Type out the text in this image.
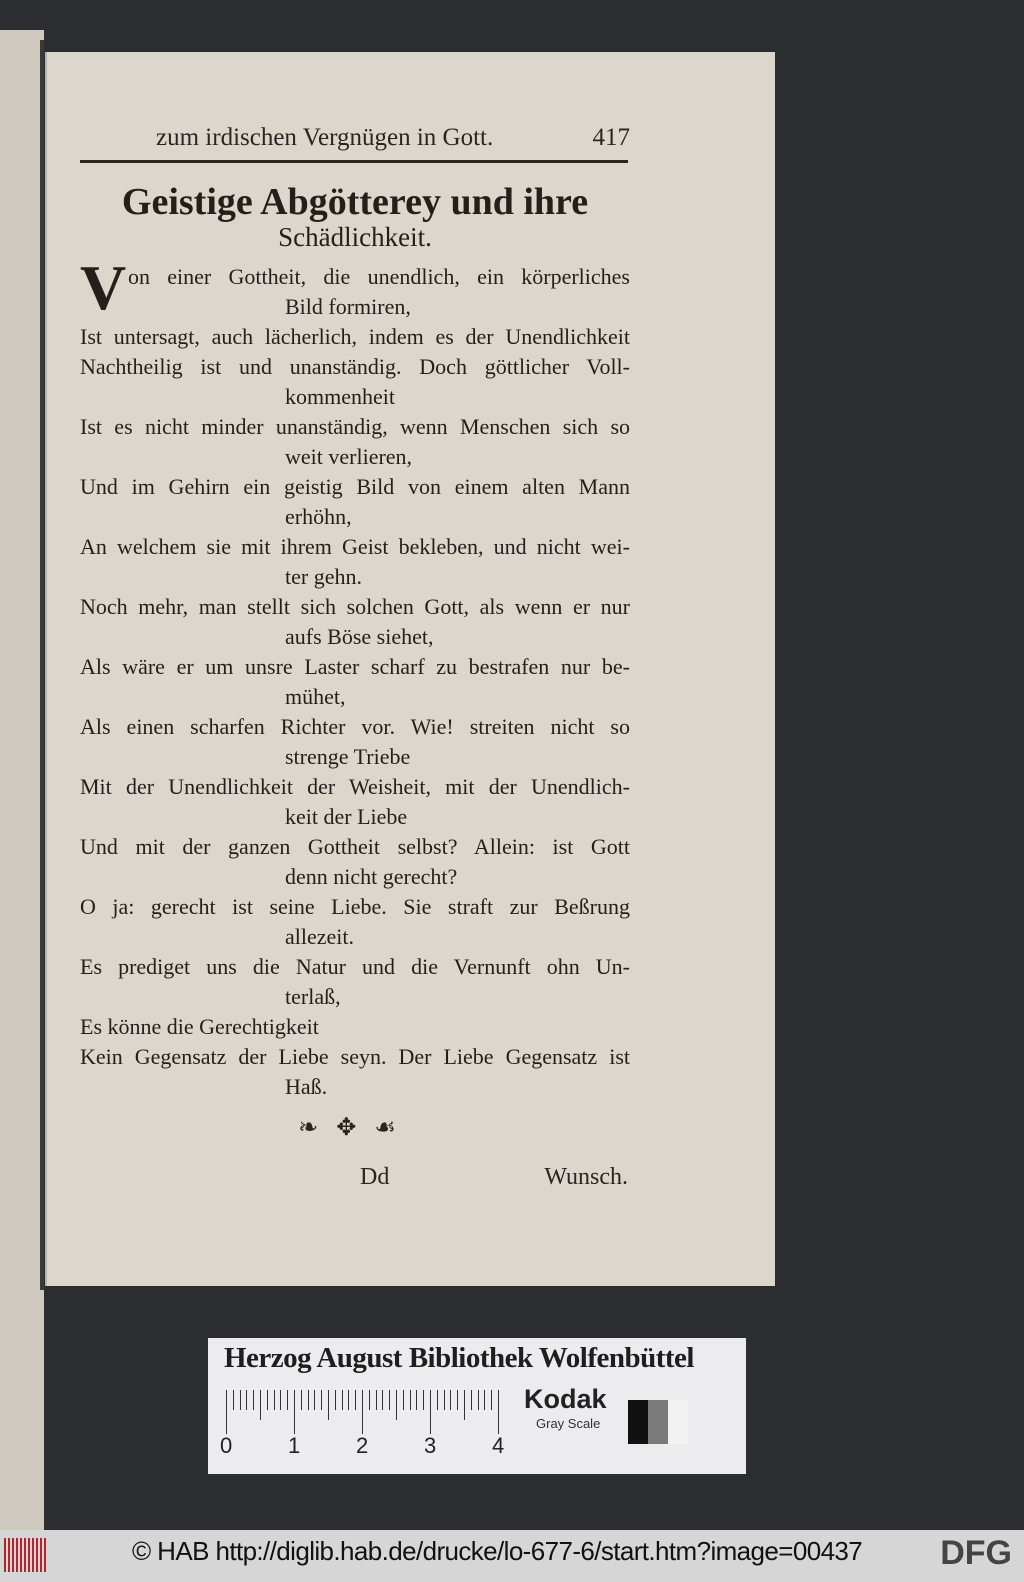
zum irdischen Vergnügen in Gott.	417
Geistige Abgötterey und ihre
Schädlichkeit.
V on einer Gottheit, die unendlich, ein körperliches
Bild formiren,
Ist untersagt, auch lächerlich, indem es der Unendlichkeit
Nachtheilig ist und unanständig. Doch göttlicher Voll-
kommenheit
Ist es nicht minder unanständig, wenn Menschen sich so
weit verlieren,
Und im Gehirn ein geistig Bild von einem alten Mann
erhöhn,
An welchem sie mit ihrem Geist bekleben, und nicht wei-
ter gehn.
Noch mehr, man stellt sich solchen Gott, als wenn er nur
aufs Böse siehet,
Als wäre er um unsre Laster scharf zu bestrafen nur be-
mühet,
Als einen scharfen Richter vor. Wie! streiten nicht so
strenge Triebe
Mit der Unendlichkeit der Weisheit, mit der Unendlich-
keit der Liebe
Und mit der ganzen Gottheit selbst? Allein: ist Gott
denn nicht gerecht?
O ja: gerecht ist seine Liebe. Sie straft zur Beßrung
allezeit.
Es prediget uns die Natur und die Vernunft ohn Un-
terlaß,
Es könne die Gerechtigkeit
Kein Gegensatz der Liebe seyn. Der Liebe Gegensatz ist
Haß.
❧ ✥ ☙
Dd	Wunsch.
Herzog August Bibliothek Wolfenbüttel
0	1	2	3	4
Kodak
Gray Scale
© HAB http://diglib.hab.de/drucke/lo-677-6/start.htm?image=00437 DFG
